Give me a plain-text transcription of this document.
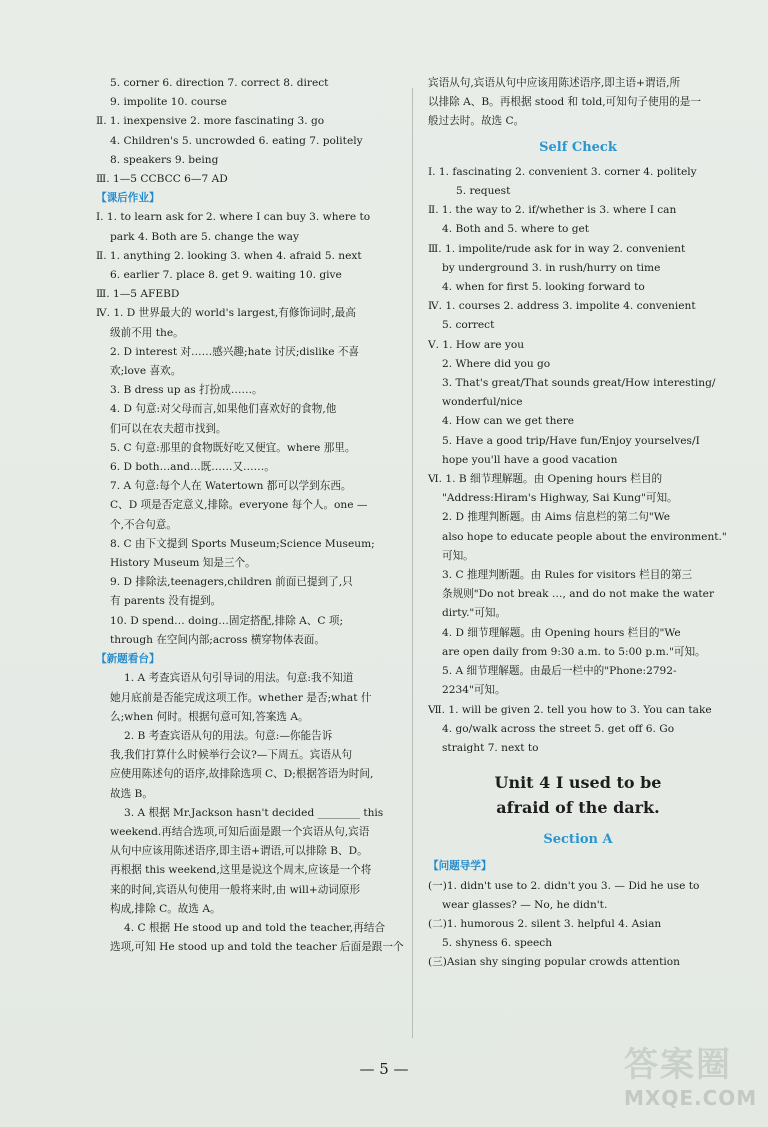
5. corner 6. direction 7. correct 8. direct
9. impolite 10. course
Ⅱ. 1. inexpensive 2. more fascinating 3. go
4. Children's 5. uncrowded 6. eating 7. politely
8. speakers 9. being
Ⅲ. 1—5 CCBCC 6—7 AD
【课后作业】
Ⅰ. 1. to learn ask for 2. where I can buy 3. where to
park 4. Both are 5. change the way
Ⅱ. 1. anything 2. looking 3. when 4. afraid 5. next
6. earlier 7. place 8. get 9. waiting 10. give
Ⅲ. 1—5 AFEBD
Ⅳ. 1. D 世界最大的 world's largest,有修饰词时,最高
级前不用 the。
2. D interest 对……感兴趣;hate 讨厌;dislike 不喜
欢;love 喜欢。
3. B dress up as 打扮成……。
4. D 句意:对父母而言,如果他们喜欢好的食物,他
们可以在农夫超市找到。
5. C 句意:那里的食物既好吃又便宜。where 那里。
6. D both…and…既……又……。
7. A 句意:每个人在 Watertown 都可以学到东西。
C、D 项是否定意义,排除。everyone 每个人。one —
个,不合句意。
8. C 由下文提到 Sports Museum;Science Museum;
History Museum 知是三个。
9. D 排除法,teenagers,children 前面已提到了,只
有 parents 没有提到。
10. D spend… doing…固定搭配,排除 A、C 项;
through 在空间内部;across 横穿物体表面。
【新题看台】
1. A 考查宾语从句引导词的用法。句意:我不知道
她月底前是否能完成这项工作。whether 是否;what 什
么;when 何时。根据句意可知,答案选 A。
2. B 考查宾语从句的用法。句意:—你能告诉
我,我们打算什么时候举行会议?—下周五。宾语从句
应使用陈述句的语序,故排除选项 C、D;根据答语为时间,
故选 B。
3. A 根据 Mr.Jackson hasn't decided ________ this
weekend.再结合选项,可知后面是跟一个宾语从句,宾语
从句中应该用陈述语序,即主语+谓语,可以排除 B、D。
再根据 this weekend,这里是说这个周末,应该是一个将
来的时间,宾语从句使用一般将来时,由 will+动词原形
构成,排除 C。故选 A。
4. C 根据 He stood up and told the teacher,再结合
选项,可知 He stood up and told the teacher 后面是跟一个
宾语从句,宾语从句中应该用陈述语序,即主语+谓语,所
以排除 A、B。再根据 stood 和 told,可知句子使用的是一
般过去时。故选 C。
Self Check
Ⅰ. 1. fascinating 2. convenient 3. corner 4. politely
5. request
Ⅱ. 1. the way to 2. if/whether is 3. where I can
4. Both and 5. where to get
Ⅲ. 1. impolite/rude ask for in way 2. convenient
by underground 3. in rush/hurry on time
4. when for first 5. looking forward to
Ⅳ. 1. courses 2. address 3. impolite 4. convenient
5. correct
Ⅴ. 1. How are you
2. Where did you go
3. That's great/That sounds great/How interesting/
wonderful/nice
4. How can we get there
5. Have a good trip/Have fun/Enjoy yourselves/I
hope you'll have a good vacation
Ⅵ. 1. B 细节理解题。由 Opening hours 栏目的
"Address:Hiram's Highway, Sai Kung"可知。
2. D 推理判断题。由 Aims 信息栏的第二句"We
also hope to educate people about the environment."
可知。
3. C 推理判断题。由 Rules for visitors 栏目的第三
条规则"Do not break …, and do not make the water
dirty."可知。
4. D 细节理解题。由 Opening hours 栏目的"We
are open daily from 9:30 a.m. to 5:00 p.m."可知。
5. A 细节理解题。由最后一栏中的"Phone:2792-
2234"可知。
Ⅶ. 1. will be given 2. tell you how to 3. You can take
4. go/walk across the street 5. get off 6. Go
straight 7. next to
Unit 4 I used to be
afraid of the dark.
Section A
【问题导学】
(一)1. didn't use to 2. didn't you 3. — Did he use to
wear glasses? — No, he didn't.
(二)1. humorous 2. silent 3. helpful 4. Asian
5. shyness 6. speech
(三)Asian shy singing popular crowds attention
— 5 —	答案圈
MXQE.COM
